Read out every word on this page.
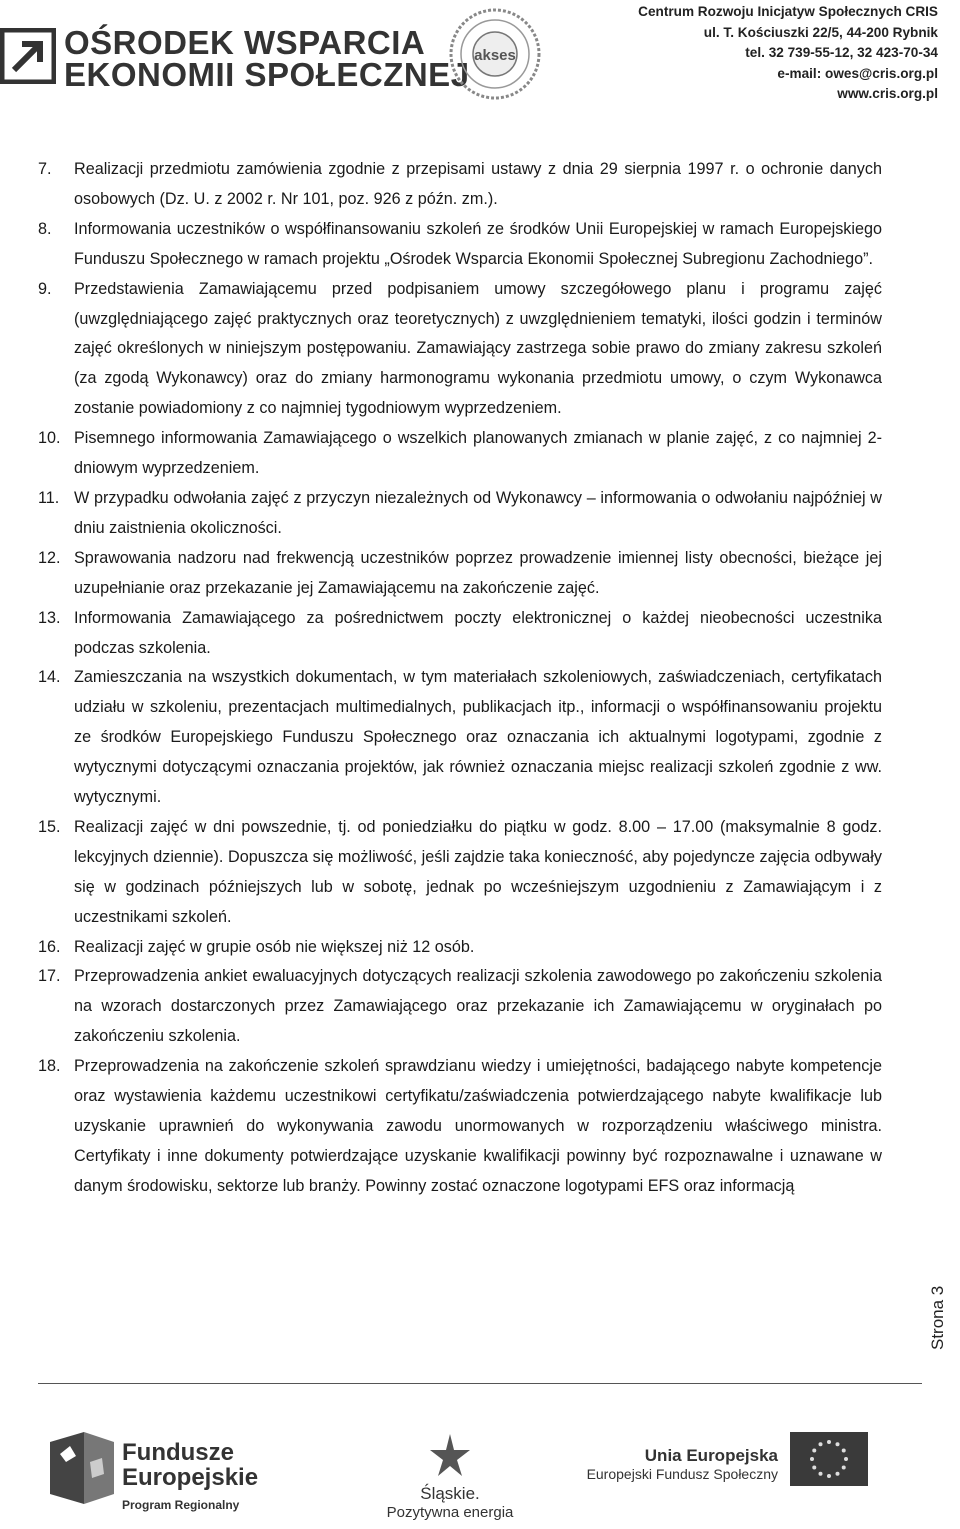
OŚRODEK WSPARCIA
EKONOMII SPOŁECZNEJ
akses
Centrum Rozwoju Inicjatyw Społecznych CRIS
ul. T. Kościuszki 22/5, 44-200 Rybnik
tel. 32 739-55-12, 32 423-70-34
e-mail: owes@cris.org.pl
www.cris.org.pl

7. Realizacji przedmiotu zamówienia zgodnie z przepisami ustawy z dnia 29 sierpnia 1997 r. o ochronie danych osobowych (Dz. U. z 2002 r. Nr 101, poz. 926 z późn. zm.).

8. Informowania uczestników o współfinansowaniu szkoleń ze środków Unii Europejskiej w ramach Europejskiego Funduszu Społecznego w ramach projektu „Ośrodek Wsparcia Ekonomii Społecznej Subregionu Zachodniego”.

9. Przedstawienia Zamawiającemu przed podpisaniem umowy szczegółowego planu i programu zajęć (uwzględniającego zajęć praktycznych oraz teoretycznych) z uwzględnieniem tematyki, ilości godzin i terminów zajęć określonych w niniejszym postępowaniu. Zamawiający zastrzega sobie prawo do zmiany zakresu szkoleń (za zgodą Wykonawcy) oraz do zmiany harmonogramu wykonania przedmiotu umowy, o czym Wykonawca zostanie powiadomiony z co najmniej tygodniowym wyprzedzeniem.

10. Pisemnego informowania Zamawiającego o wszelkich planowanych zmianach w planie zajęć, z co najmniej 2-dniowym wyprzedzeniem.

11. W przypadku odwołania zajęć z przyczyn niezależnych od Wykonawcy – informowania o odwołaniu najpóźniej w dniu zaistnienia okoliczności.

12. Sprawowania nadzoru nad frekwencją uczestników poprzez prowadzenie imiennej listy obecności, bieżące jej uzupełnianie oraz przekazanie jej Zamawiającemu na zakończenie zajęć.

13. Informowania Zamawiającego za pośrednictwem poczty elektronicznej o każdej nieobecności uczestnika podczas szkolenia.

14. Zamieszczania na wszystkich dokumentach, w tym materiałach szkoleniowych, zaświadczeniach, certyfikatach udziału w szkoleniu, prezentacjach multimedialnych, publikacjach itp., informacji o współfinansowaniu projektu ze środków Europejskiego Funduszu Społecznego oraz oznaczania ich aktualnymi logotypami, zgodnie z wytycznymi dotyczącymi oznaczania projektów, jak również oznaczania miejsc realizacji szkoleń zgodnie z ww. wytycznymi.

15. Realizacji zajęć w dni powszednie, tj. od poniedziałku do piątku w godz. 8.00 – 17.00 (maksymalnie 8 godz. lekcyjnych dziennie). Dopuszcza się możliwość, jeśli zajdzie taka konieczność, aby pojedyncze zajęcia odbywały się w godzinach późniejszych lub w sobotę, jednak po wcześniejszym uzgodnieniu z Zamawiającym i z uczestnikami szkoleń.

16. Realizacji zajęć w grupie osób nie większej niż 12 osób.

17. Przeprowadzenia ankiet ewaluacyjnych dotyczących realizacji szkolenia zawodowego po zakończeniu szkolenia na wzorach dostarczonych przez Zamawiającego oraz przekazanie ich Zamawiającemu w oryginałach po zakończeniu szkolenia.

18. Przeprowadzenia na zakończenie szkoleń sprawdzianu wiedzy i umiejętności, badającego nabyte kompetencje oraz wystawienia każdemu uczestnikowi certyfikatu/zaświadczenia potwierdzającego nabyte kwalifikacje lub uzyskanie uprawnień do wykonywania zawodu unormowanych w rozporządzeniu właściwego ministra. Certyfikaty i inne dokumenty potwierdzające uzyskanie kwalifikacji powinny być rozpoznawalne i uznawane w danym środowisku, sektorze lub branży. Powinny zostać oznaczone logotypami EFS oraz informacją

Strona 3
Fundusze
Europejskie
Program Regionalny
Śląskie.
Pozytywna energia
Unia Europejska
Europejski Fundusz Społeczny
